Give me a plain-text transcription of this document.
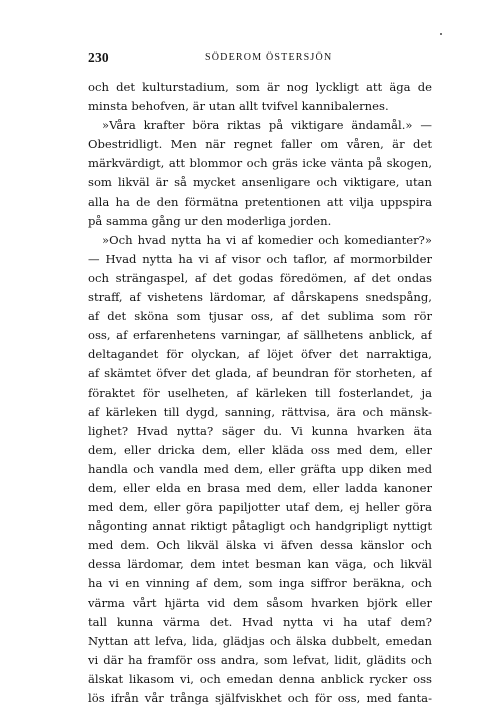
230	SÖDEROM ÖSTERSJÖN
och det kulturstadium, som är nog lyckligt att äga de
minsta behofven, är utan allt tvifvel kannibalernes.
»Våra krafter böra riktas på viktigare ändamål.» —
Obestridligt. Men när regnet faller om våren, är det
märkvärdigt, att blommor och gräs icke vänta på skogen,
som likväl är så mycket ansenligare och viktigare, utan
alla ha de den förmätna pretentionen att vilja uppspira
på samma gång ur den moderliga jorden.
»Och hvad nytta ha vi af komedier och komedianter?»
— Hvad nytta ha vi af visor och taflor, af mormorbilder
och strängaspel, af det godas föredömen, af det ondas
straff, af vishetens lärdomar, af dårskapens snedspång,
af det sköna som tjusar oss, af det sublima som rör
oss, af erfarenhetens varningar, af sällhetens anblick, af
deltagandet för olyckan, af löjet öfver det narraktiga,
af skämtet öfver det glada, af beundran för storheten, af
föraktet för uselheten, af kärleken till fosterlandet, ja
af kärleken till dygd, sanning, rättvisa, ära och mänsk-
lighet? Hvad nytta? säger du. Vi kunna hvarken äta
dem, eller dricka dem, eller kläda oss med dem, eller
handla och vandla med dem, eller gräfta upp diken med
dem, eller elda en brasa med dem, eller ladda kanoner
med dem, eller göra papiljotter utaf dem, ej heller göra
någonting annat riktigt påtagligt och handgripligt nyttigt
med dem. Och likväl älska vi äfven dessa känslor och
dessa lärdomar, dem intet besman kan väga, och likväl
ha vi en vinning af dem, som inga siffror beräkna, och
värma vårt hjärta vid dem såsom hvarken björk eller
tall kunna värma det. Hvad nytta vi ha utaf dem?
Nyttan att lefva, lida, glädjas och älska dubbelt, emedan
vi där ha framför oss andra, som lefvat, lidit, glädits och
älskat likasom vi, och emedan denna anblick rycker oss
lös ifrån vår trånga själfviskhet och för oss, med fanta-
